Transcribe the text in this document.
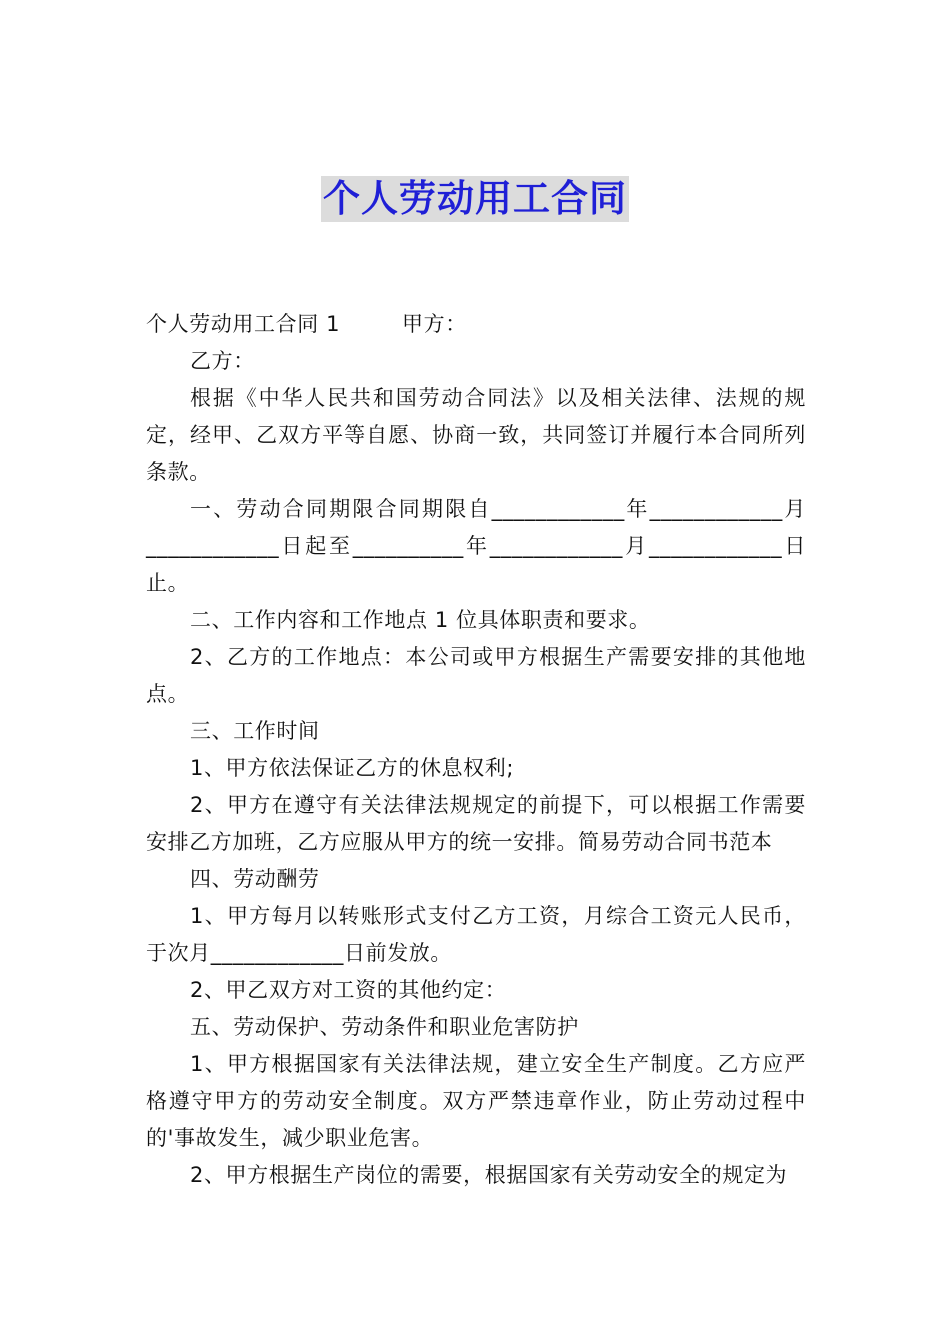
个人劳动用工合同

个人劳动用工合同 1	甲方：

乙方：

根据《中华人民共和国劳动合同法》以及相关法律、法规的规定，经甲、乙双方平等自愿、协商一致，共同签订并履行本合同所列条款。

一、劳动合同期限合同期限自____________年____________月____________日起至__________年____________月____________日止。

二、工作内容和工作地点 1 位具体职责和要求。

2、乙方的工作地点：本公司或甲方根据生产需要安排的其他地点。

三、工作时间

1、甲方依法保证乙方的休息权利;

2、甲方在遵守有关法律法规规定的前提下，可以根据工作需要安排乙方加班，乙方应服从甲方的统一安排。简易劳动合同书范本

四、劳动酬劳

1、甲方每月以转账形式支付乙方工资，月综合工资元人民币，于次月____________日前发放。

2、甲乙双方对工资的其他约定：

五、劳动保护、劳动条件和职业危害防护

1、甲方根据国家有关法律法规，建立安全生产制度。乙方应严格遵守甲方的劳动安全制度。双方严禁违章作业，防止劳动过程中的'事故发生，减少职业危害。

2、甲方根据生产岗位的需要，根据国家有关劳动安全的规定为
